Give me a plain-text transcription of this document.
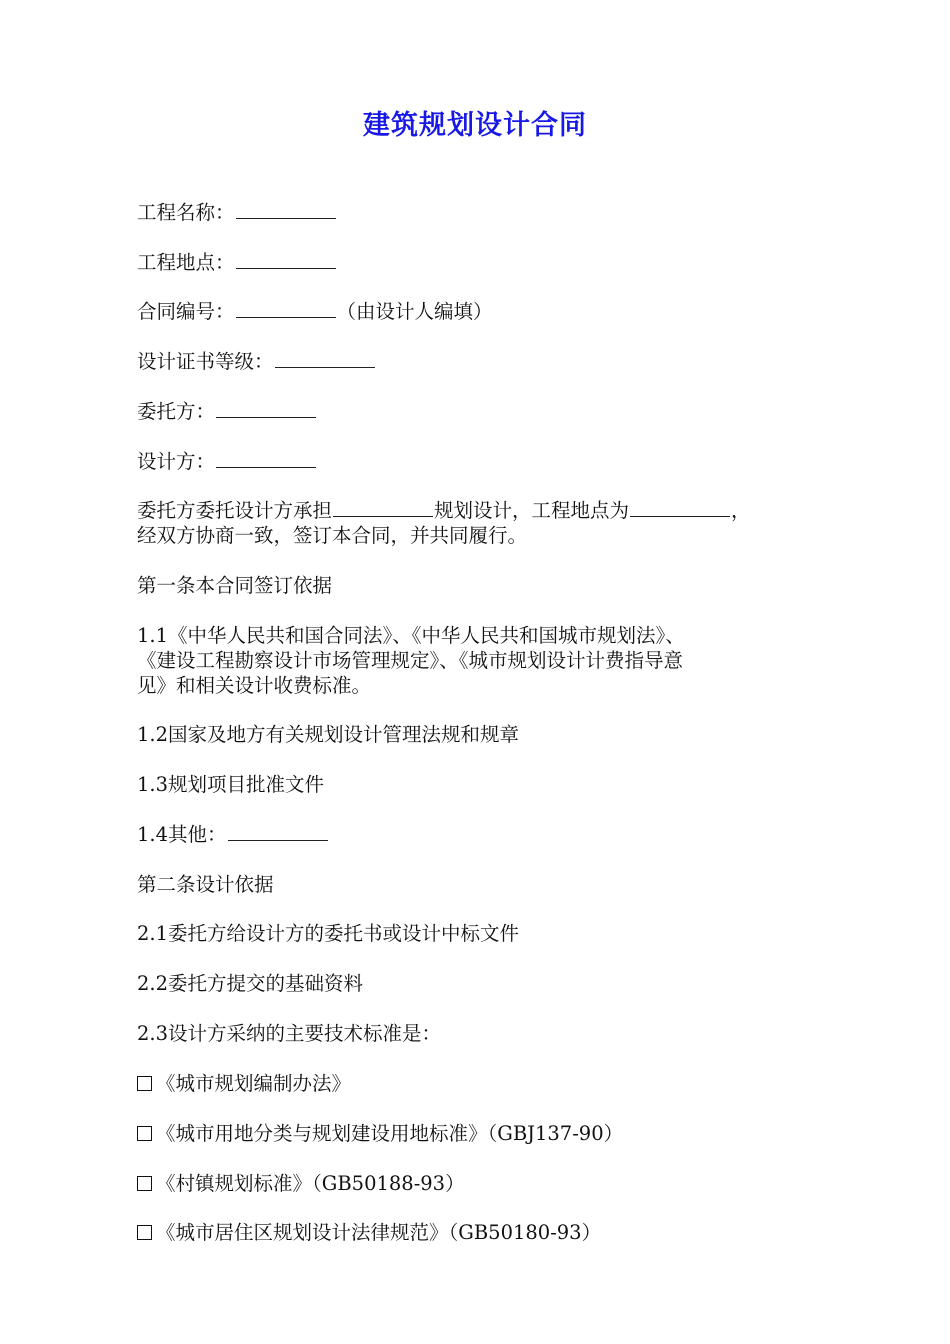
建筑规划设计合同

工程名称：

工程地点：

合同编号：	（由设计人编填）

设计证书等级：

委托方：

设计方：

委托方委托设计方承担	规划设计，工程地点为	，
经双方协商一致，签订本合同，并共同履行。

第一条本合同签订依据

1.1《中华人民共和国合同法》、《中华人民共和国城市规划法》、
《建设工程勘察设计市场管理规定》、《城市规划设计计费指导意
见》和相关设计收费标准。

1.2国家及地方有关规划设计管理法规和规章

1.3规划项目批准文件

1.4其他：

第二条设计依据

2.1委托方给设计方的委托书或设计中标文件

2.2委托方提交的基础资料

2.3设计方采纳的主要技术标准是：

《城市规划编制办法》

《城市用地分类与规划建设用地标准》（GBJ137-90）

《村镇规划标准》（GB50188-93）

《城市居住区规划设计法律规范》（GB50180-93）
